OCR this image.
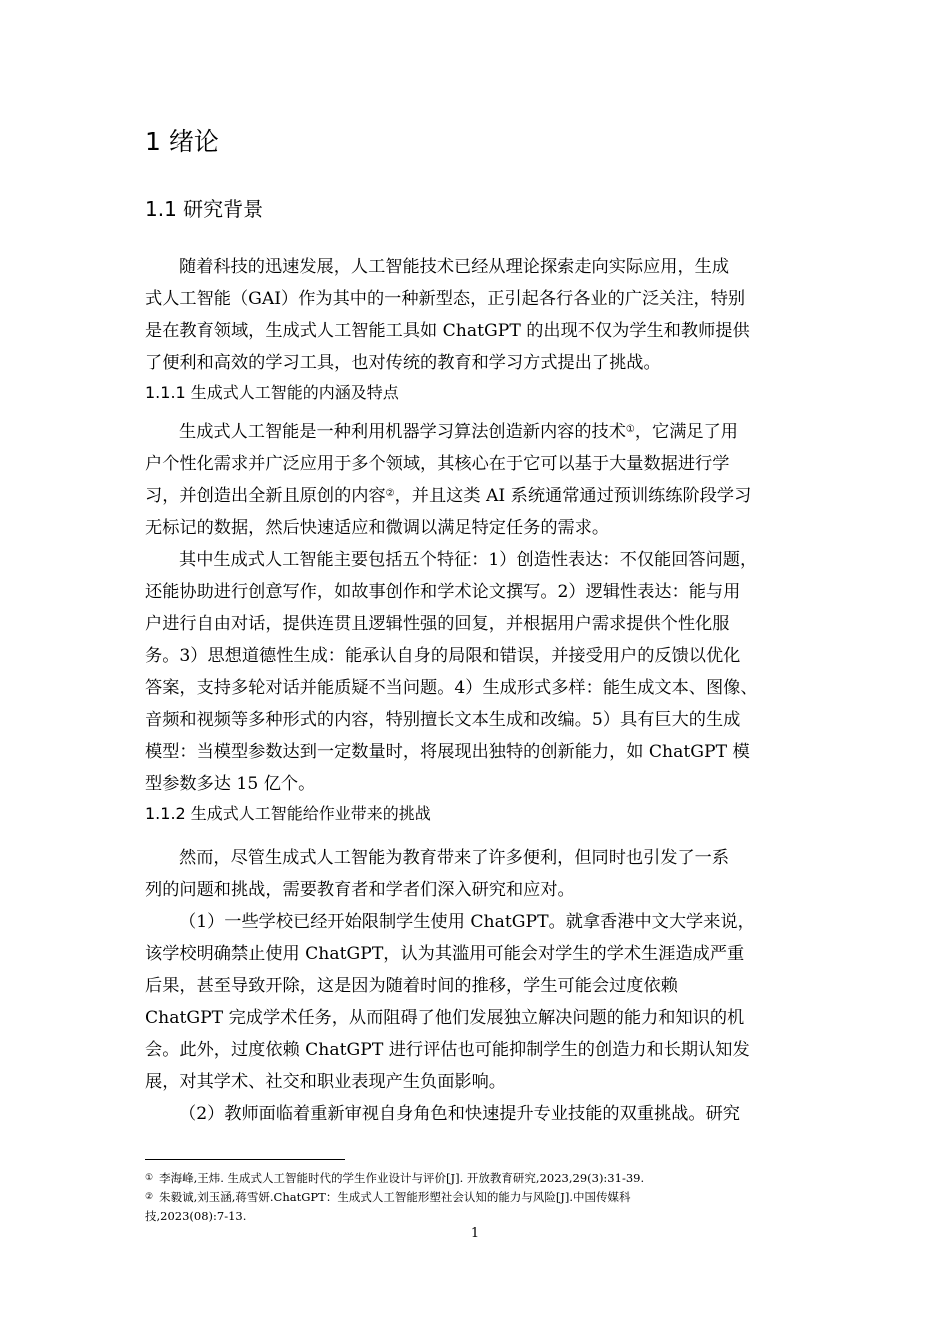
1 绪论
1.1 研究背景
随着科技的迅速发展，人工智能技术已经从理论探索走向实际应用，生成
式人工智能（GAI）作为其中的一种新型态，正引起各行各业的广泛关注，特别
是在教育领域，生成式人工智能工具如 ChatGPT 的出现不仅为学生和教师提供
了便利和高效的学习工具，也对传统的教育和学习方式提出了挑战。
1.1.1 生成式人工智能的内涵及特点
生成式人工智能是一种利用机器学习算法创造新内容的技术①，它满足了用
户个性化需求并广泛应用于多个领域，其核心在于它可以基于大量数据进行学
习，并创造出全新且原创的内容②，并且这类 AI 系统通常通过预训练练阶段学习
无标记的数据，然后快速适应和微调以满足特定任务的需求。
其中生成式人工智能主要包括五个特征：1）创造性表达：不仅能回答问题，
还能协助进行创意写作，如故事创作和学术论文撰写。2）逻辑性表达：能与用
户进行自由对话，提供连贯且逻辑性强的回复，并根据用户需求提供个性化服
务。3）思想道德性生成：能承认自身的局限和错误，并接受用户的反馈以优化
答案，支持多轮对话并能质疑不当问题。4）生成形式多样：能生成文本、图像、
音频和视频等多种形式的内容，特别擅长文本生成和改编。5）具有巨大的生成
模型：当模型参数达到一定数量时，将展现出独特的创新能力，如 ChatGPT 模
型参数多达 15 亿个。
1.1.2 生成式人工智能给作业带来的挑战
然而，尽管生成式人工智能为教育带来了许多便利，但同时也引发了一系
列的问题和挑战，需要教育者和学者们深入研究和应对。
（1）一些学校已经开始限制学生使用 ChatGPT。就拿香港中文大学来说，
该学校明确禁止使用 ChatGPT，认为其滥用可能会对学生的学术生涯造成严重
后果，甚至导致开除，这是因为随着时间的推移，学生可能会过度依赖
ChatGPT 完成学术任务，从而阻碍了他们发展独立解决问题的能力和知识的机
会。此外，过度依赖 ChatGPT 进行评估也可能抑制学生的创造力和长期认知发
展，对其学术、社交和职业表现产生负面影响。
（2）教师面临着重新审视自身角色和快速提升专业技能的双重挑战。研究

① 李海峰,王炜. 生成式人工智能时代的学生作业设计与评价[J]. 开放教育研究,2023,29(3):31-39.

② 朱毅诚,刘玉涵,蒋雪妍.ChatGPT：生成式人工智能形塑社会认知的能力与风险[J].中国传媒科
技,2023(08):7-13.

1
